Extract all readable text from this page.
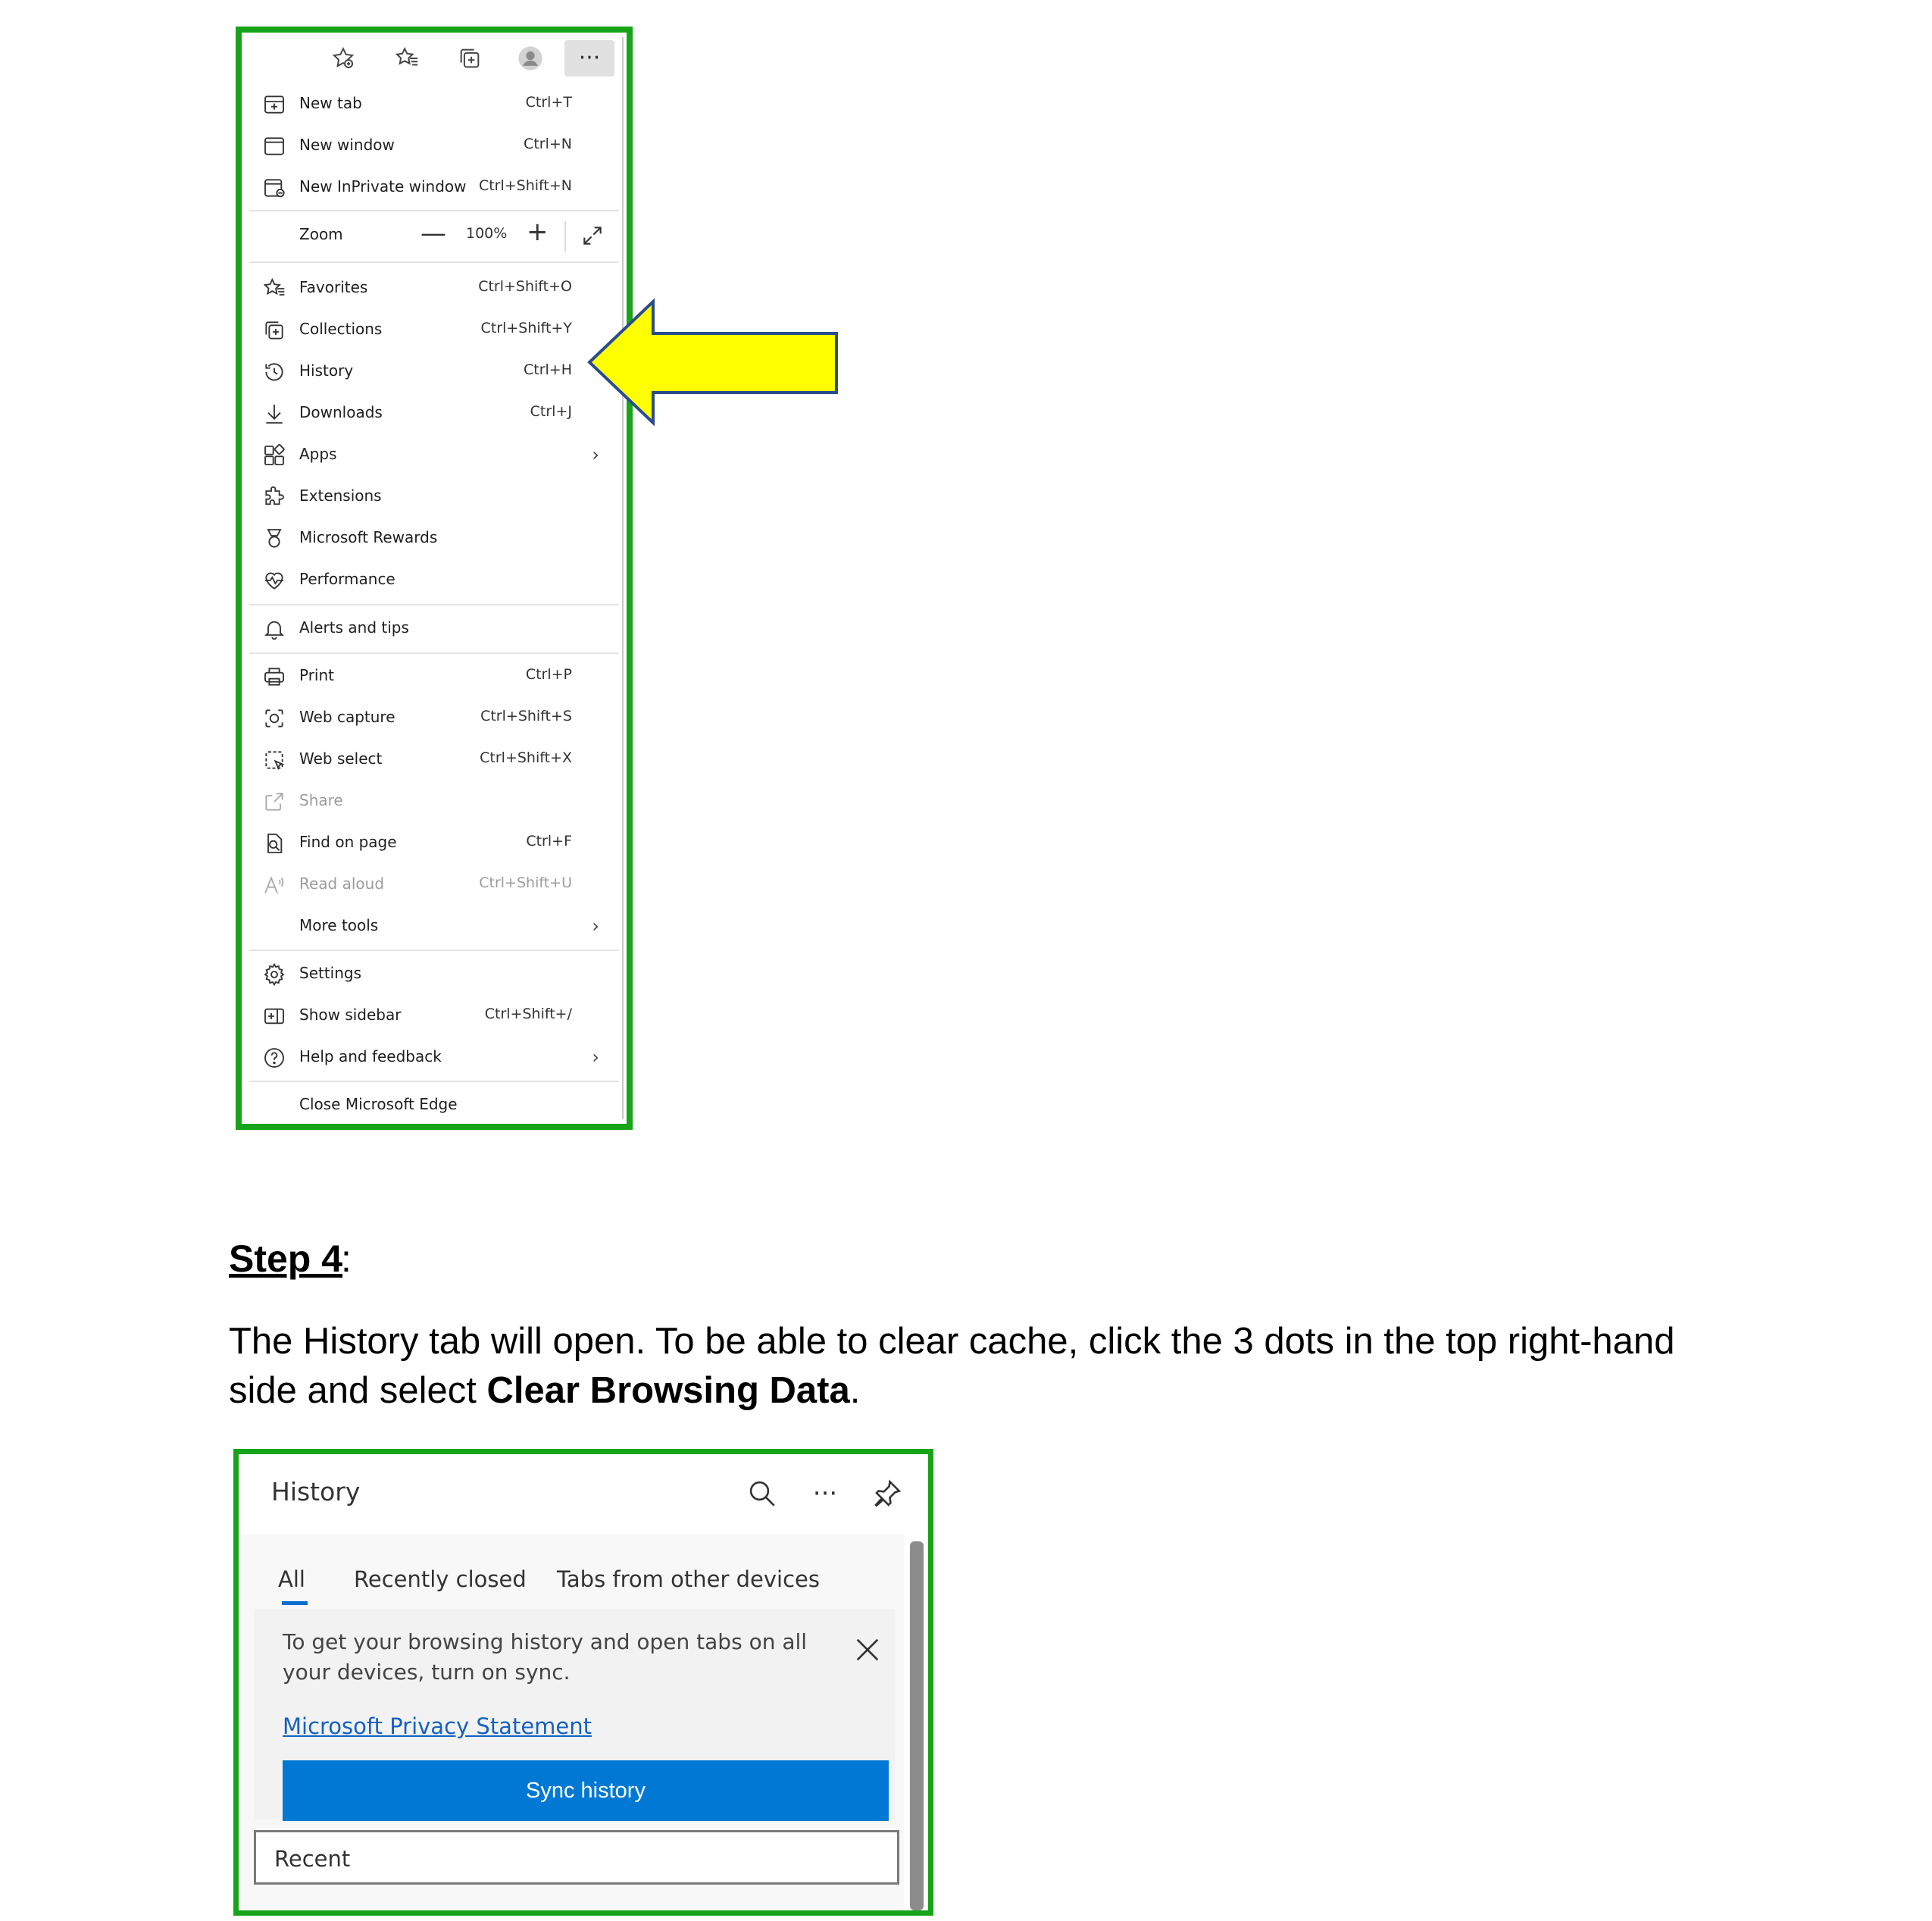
···
New tab	Ctrl+T
New window	Ctrl+N
New InPrivate window Ctrl+Shift+N
Zoom	— 100% +
Favorites	Ctrl+Shift+O
Collections	Ctrl+Shift+Y
History	Ctrl+H
Downloads	Ctrl+J
Apps	›
Extensions
Microsoft Rewards
Performance
Alerts and tips
Print	Ctrl+P
Web capture	Ctrl+Shift+S
Web select	Ctrl+Shift+X
Share
Find on page	Ctrl+F
Read aloud	Ctrl+Shift+U
More tools	›
Settings
Show sidebar	Ctrl+Shift+/
Help and feedback	›
Close Microsoft Edge
Step 4
:
The History tab will open. To be able to clear cache, click the 3 dots in the top right-hand side and select Clear Browsing Data.
History	···
All Recently closed Tabs from other devices
To get your browsing history and open tabs on all your devices, turn on sync.
Microsoft Privacy Statement
Sync history
Recent
